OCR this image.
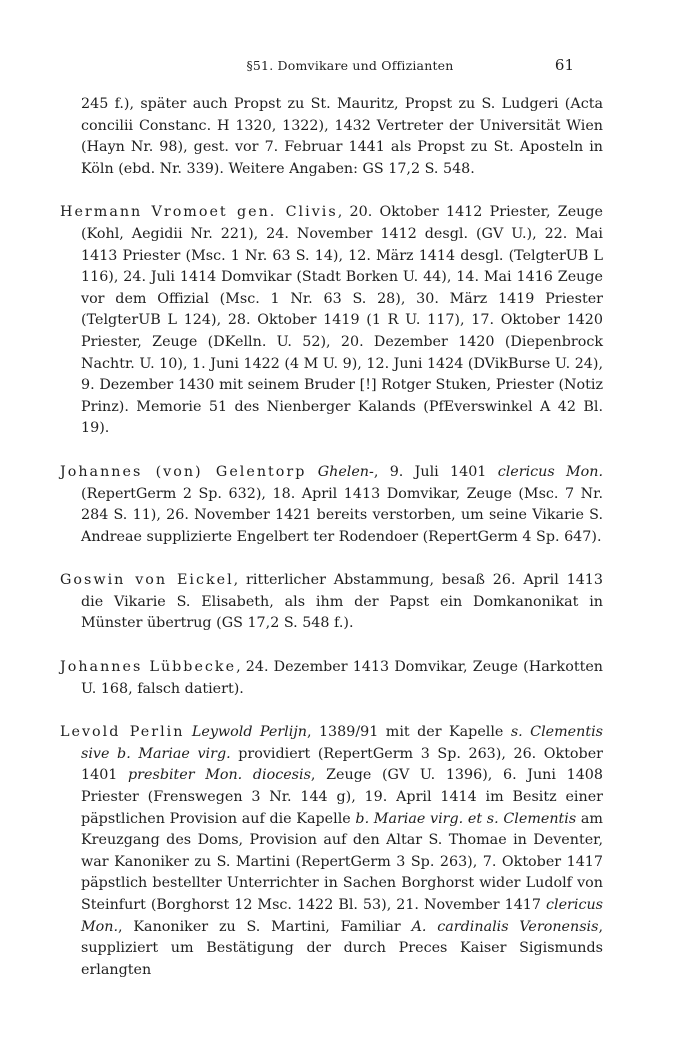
§51. Domvikare und Offizianten	61

245 f.), später auch Propst zu St. Mauritz, Propst zu S. Ludgeri (Acta concilii Constanc. H 1320, 1322), 1432 Vertreter der Universität Wien (Hayn Nr. 98), gest. vor 7. Februar 1441 als Propst zu St. Aposteln in Köln (ebd. Nr. 339). Weitere Angaben: GS 17,2 S. 548.

Hermann Vromoet gen. Clivis, 20. Oktober 1412 Priester, Zeuge (Kohl, Aegidii Nr. 221), 24. November 1412 desgl. (GV U.), 22. Mai 1413 Priester (Msc. 1 Nr. 63 S. 14), 12. März 1414 desgl. (TelgterUB L 116), 24. Juli 1414 Domvikar (Stadt Borken U. 44), 14. Mai 1416 Zeuge vor dem Offizial (Msc. 1 Nr. 63 S. 28), 30. März 1419 Priester (TelgterUB L 124), 28. Oktober 1419 (1 R U. 117), 17. Oktober 1420 Priester, Zeuge (DKelln. U. 52), 20. Dezember 1420 (Diepenbrock Nachtr. U. 10), 1. Juni 1422 (4 M U. 9), 12. Juni 1424 (DVikBurse U. 24), 9. Dezember 1430 mit seinem Bruder [!] Rotger Stuken, Priester (Notiz Prinz). Memorie 51 des Nienberger Kalands (PfEverswinkel A 42 Bl. 19).

Johannes (von) Gelentorp Ghelen-, 9. Juli 1401 clericus Mon. (RepertGerm 2 Sp. 632), 18. April 1413 Domvikar, Zeuge (Msc. 7 Nr. 284 S. 11), 26. November 1421 bereits verstorben, um seine Vikarie S. Andreae supplizierte Engelbert ter Rodendoer (RepertGerm 4 Sp. 647).

Goswin von Eickel, ritterlicher Abstammung, besaß 26. April 1413 die Vikarie S. Elisabeth, als ihm der Papst ein Domkanonikat in Münster übertrug (GS 17,2 S. 548 f.).

Johannes Lübbecke, 24. Dezember 1413 Domvikar, Zeuge (Harkotten U. 168, falsch datiert).

Levold Perlin Leywold Perlijn, 1389/91 mit der Kapelle s. Clementis sive b. Mariae virg. providiert (RepertGerm 3 Sp. 263), 26. Oktober 1401 presbiter Mon. diocesis, Zeuge (GV U. 1396), 6. Juni 1408 Priester (Frenswegen 3 Nr. 144 g), 19. April 1414 im Besitz einer päpstlichen Provision auf die Kapelle b. Mariae virg. et s. Clementis am Kreuzgang des Doms, Provision auf den Altar S. Thomae in Deventer, war Kanoniker zu S. Martini (RepertGerm 3 Sp. 263), 7. Oktober 1417 päpstlich bestellter Unterrichter in Sachen Borghorst wider Ludolf von Steinfurt (Borghorst 12 Msc. 1422 Bl. 53), 21. November 1417 clericus Mon., Kanoniker zu S. Martini, Familiar A. cardinalis Veronensis, suppliziert um Bestätigung der durch Preces Kaiser Sigismunds erlangten
